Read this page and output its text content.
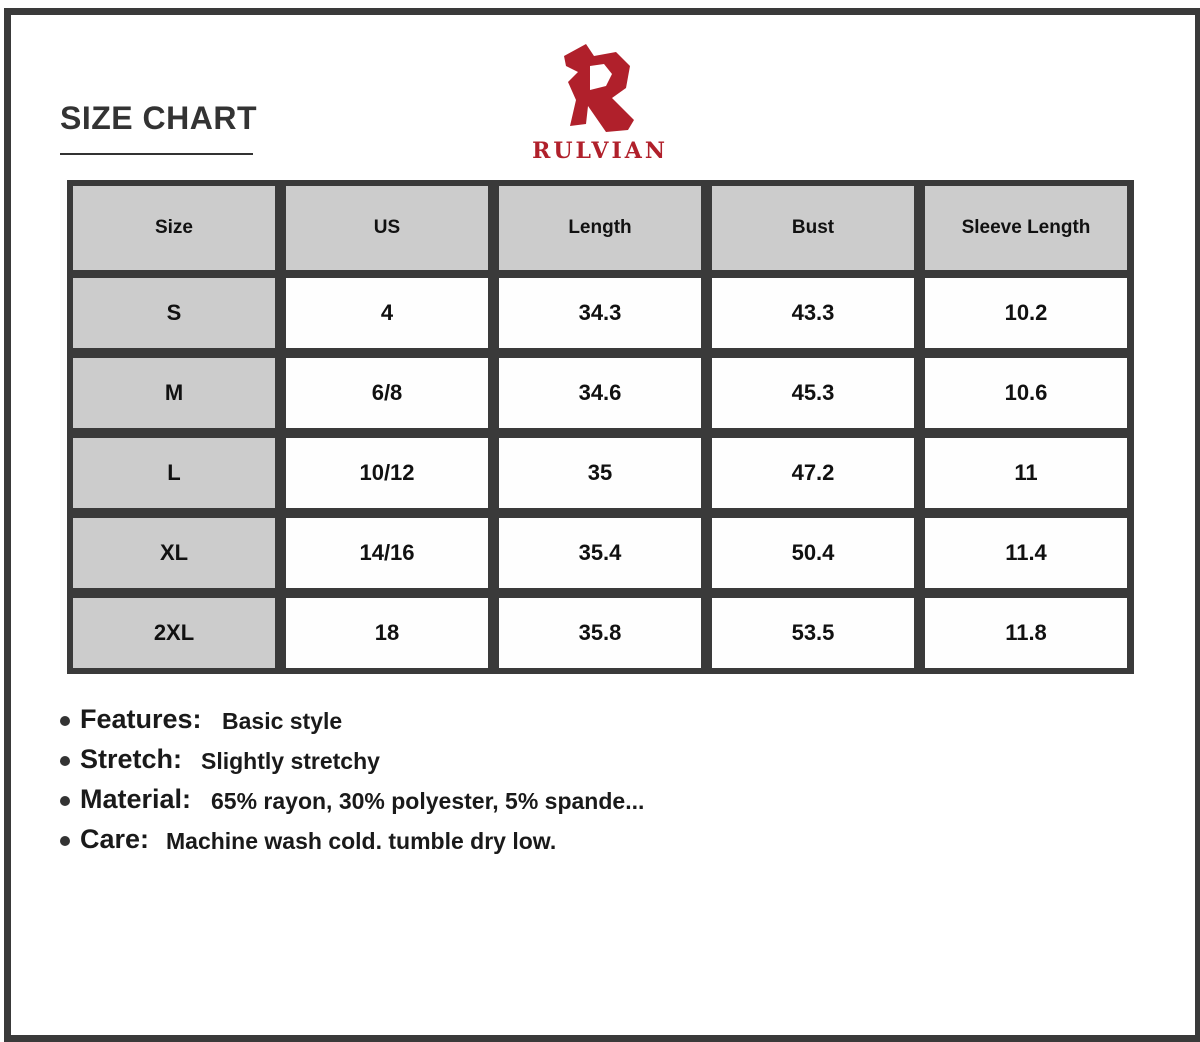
SIZE CHART
RULVIAN
Size	US	Length	Bust	Sleeve Length
S	4	34.3	43.3	10.2
M	6/8	34.6	45.3	10.6
L	10/12	35	47.2	11
XL	14/16	35.4	50.4	11.4
2XL	18	35.8	53.5	11.8
Features: Basic style
Stretch: Slightly stretchy
Material: 65% rayon, 30% polyester, 5% spande...
Care: Machine wash cold. tumble dry low.
